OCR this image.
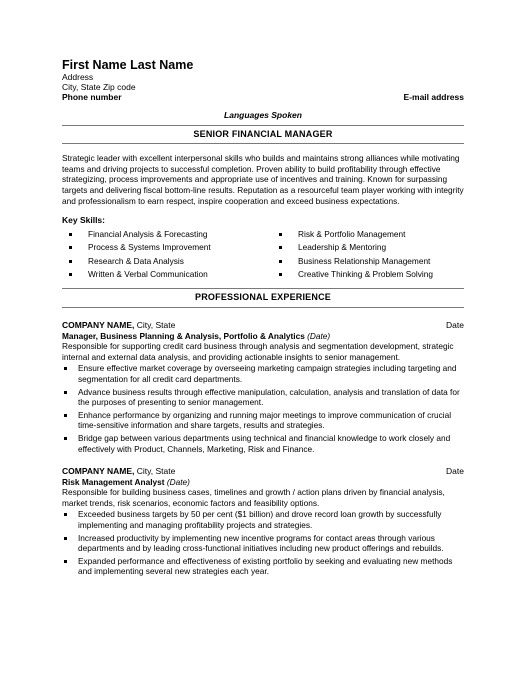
First Name Last Name
Address
City, State Zip code
Phone number	E-mail address
Languages Spoken
SENIOR FINANCIAL MANAGER
Strategic leader with excellent interpersonal skills who builds and maintains strong alliances while motivating teams and driving projects to successful completion. Proven ability to build profitability through effective strategizing, process improvements and appropriate use of incentives and training. Known for surpassing targets and delivering fiscal bottom-line results. Reputation as a resourceful team player working with integrity and professionalism to earn respect, inspire cooperation and exceed business expectations.
Key Skills:
Financial Analysis & Forecasting	Risk & Portfolio Management
Process & Systems Improvement	Leadership & Mentoring
Research & Data Analysis	Business Relationship Management
Written & Verbal Communication	Creative Thinking & Problem Solving
PROFESSIONAL EXPERIENCE
COMPANY NAME, City, State	Date
Manager, Business Planning & Analysis, Portfolio & Analytics (Date)
Responsible for supporting credit card business through analysis and segmentation development, strategic internal and external data analysis, and providing actionable insights to senior management.
Ensure effective market coverage by overseeing marketing campaign strategies including targeting and segmentation for all credit card departments.
Advance business results through effective manipulation, calculation, analysis and translation of data for the purposes of presenting to senior management.
Enhance performance by organizing and running major meetings to improve communication of crucial time-sensitive information and share targets, results and strategies.
Bridge gap between various departments using technical and financial knowledge to work closely and effectively with Product, Channels, Marketing, Risk and Finance.
COMPANY NAME, City, State	Date
Risk Management Analyst (Date)
Responsible for building business cases, timelines and growth / action plans driven by financial analysis, market trends, risk scenarios, economic factors and feasibility options.
Exceeded business targets by 50 per cent ($1 billion) and drove record loan growth by successfully implementing and managing profitability projects and strategies.
Increased productivity by implementing new incentive programs for contact areas through various departments and by leading cross-functional initiatives including new product offerings and rebuilds.
Expanded performance and effectiveness of existing portfolio by seeking and evaluating new methods and implementing several new strategies each year.
